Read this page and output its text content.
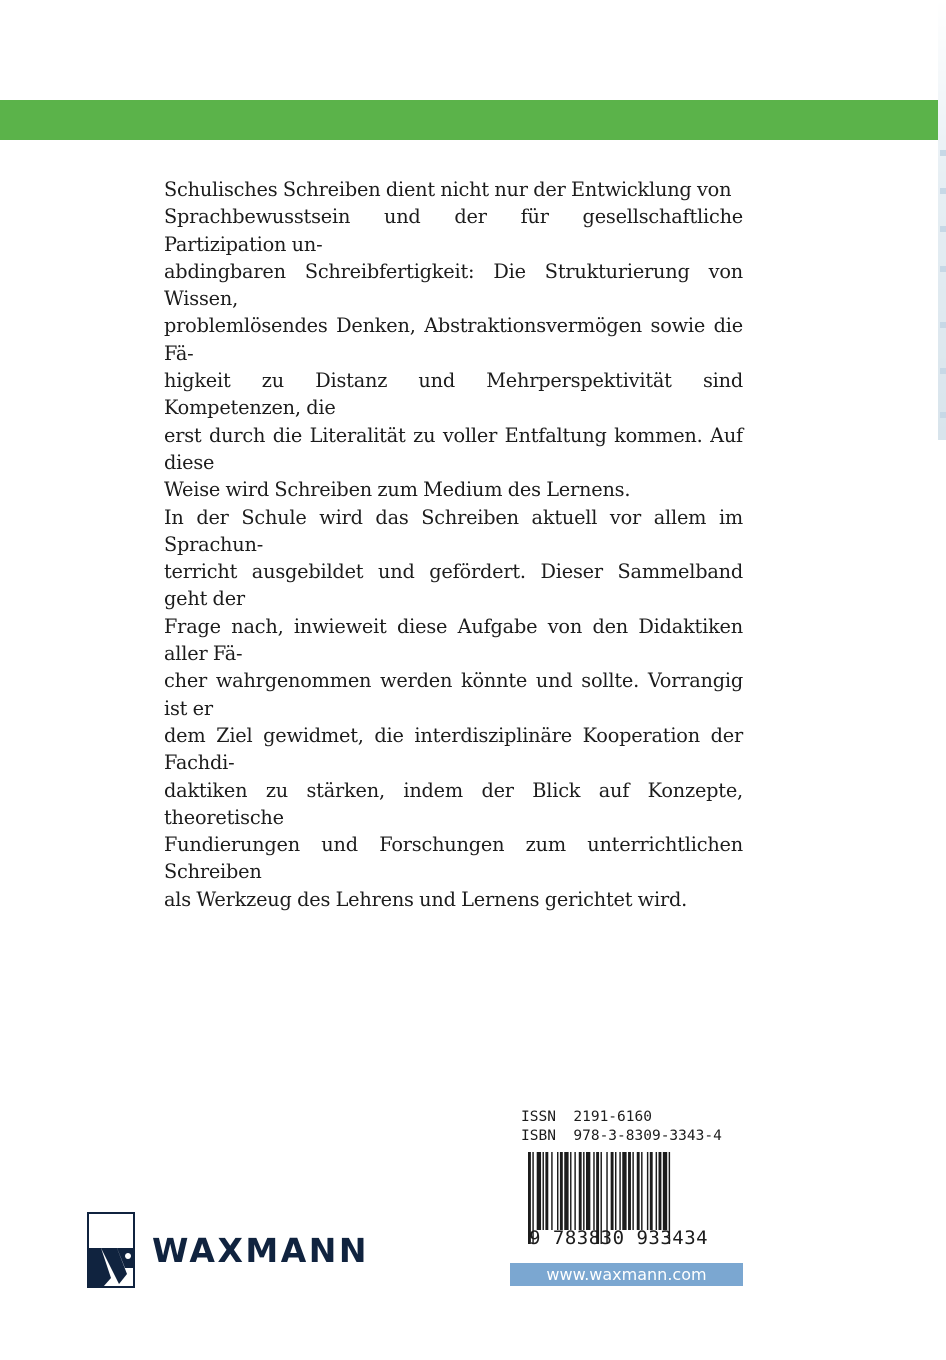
Schulisches Schreiben dient nicht nur der Entwicklung von

Sprachbewusstsein und der für gesellschaftliche Partizipation un-

abdingbaren Schreibfertigkeit: Die Strukturierung von Wissen,

problemlösendes Denken, Abstraktionsvermögen sowie die Fä-

higkeit zu Distanz und Mehrperspektivität sind Kompetenzen, die

erst durch die Literalität zu voller Entfaltung kommen. Auf diese

Weise wird Schreiben zum Medium des Lernens.

In der Schule wird das Schreiben aktuell vor allem im Sprachun-

terricht ausgebildet und gefördert. Dieser Sammelband geht der

Frage nach, inwieweit diese Aufgabe von den Didaktiken aller Fä-

cher wahrgenommen werden könnte und sollte. Vorrangig ist er

dem Ziel gewidmet, die interdisziplinäre Kooperation der Fachdi-

daktiken zu stärken, indem der Blick auf Konzepte, theoretische

Fundierungen und Forschungen zum unterrichtlichen Schreiben

als Werkzeug des Lehrens und Lernens gerichtet wird.

ISSN 2191-6160
ISBN 978-3-8309-3343-4
9 783830 933434
www.waxmann.com
WAXMANN
